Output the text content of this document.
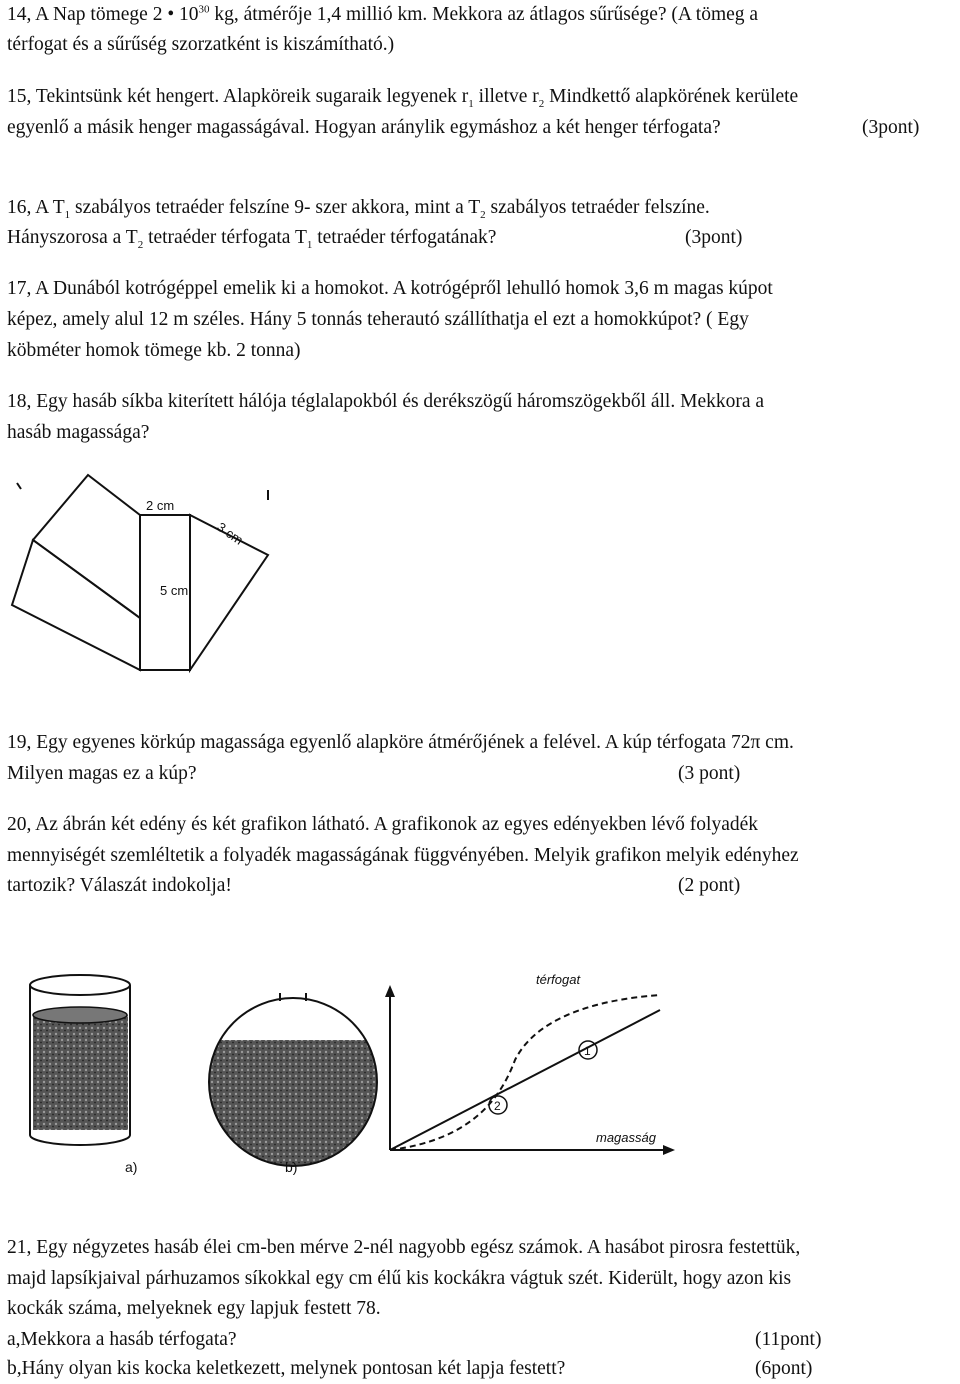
14, A Nap tömege 2 • $10^{30}$ kg, átmérője 1,4 millió km. Mekkora az átlagos sűrűsége? (A tömeg a

térfogat és a sűrűség szorzatként is kiszámítható.)

15, Tekintsünk két hengert. Alapköreik sugaraik legyenek $r_1$ illetve $r_2$ Mindkettő alapkörének kerülete

egyenlő a másik henger magasságával. Hogyan aránylik egymáshoz a két henger térfogata?	(3pont)

16, A $T_1$ szabályos tetraéder felszíne 9- szer akkora, mint a $T_2$ szabályos tetraéder felszíne.

Hányszorosa a $T_2$ tetraéder térfogata $T_1$ tetraéder térfogatának?	(3pont)

17, A Dunából kotrógéppel emelik ki a homokot. A kotrógépről lehulló homok 3,6 m magas kúpot

képez, amely alul 12 m széles. Hány 5 tonnás teherautó szállíthatja el ezt a homokkúpot? ( Egy

köbméter homok tömege kb. 2 tonna)

18, Egy hasáb síkba kiterített hálója téglalapokból és derékszögű háromszögekből áll. Mekkora a

hasáb magassága?

2 cm
3 cm
5 cm

19, Egy egyenes körkúp magassága egyenlő alapköre átmérőjének a felével. A kúp térfogata 72π cm.

Milyen magas ez a kúp?	(3 pont)

20, Az ábrán két edény és két grafikon látható. A grafikonok az egyes edényekben lévő folyadék

mennyiségét szemléltetik a folyadék magasságának függvényében. Melyik grafikon melyik edényhez

tartozik? Válaszát indokolja!	(2 pont)
a)	b)
térfogat
magasság
1
2

21, Egy négyzetes hasáb élei cm-ben mérve 2-nél nagyobb egész számok. A hasábot pirosra festettük,

majd lapsíkjaival párhuzamos síkokkal egy cm élű kis kockákra vágtuk szét. Kiderült, hogy azon kis

kockák száma, melyeknek egy lapjuk festett 78.

a,Mekkora a hasáb térfogata?	(11pont)

b,Hány olyan kis kocka keletkezett, melynek pontosan két lapja festett?	(6pont)
